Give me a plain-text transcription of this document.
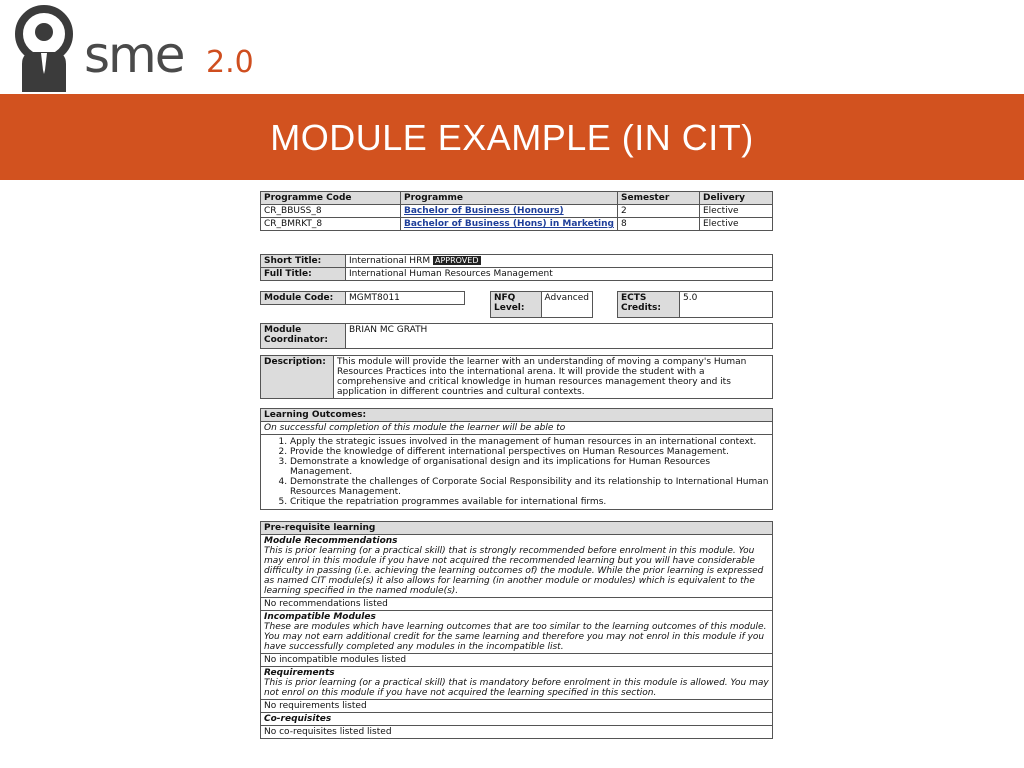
sme 2.0
MODULE EXAMPLE (IN CIT)
Programme Code	Programme	Semester	Delivery
CR_BBUSS_8	Bachelor of Business (Honours)	2	Elective
CR_BMRKT_8	Bachelor of Business (Hons) in Marketing	8	Elective
Short Title:	International HRM APPROVED
Full Title:	International Human Resources Management
Module Code:	MGMT8011	NFQ Level:	Advanced	ECTS Credits:	5.0
Module Coordinator:	BRIAN MC GRATH
Description:	This module will provide the learner with an understanding of moving a company's Human Resources Practices into the international arena. It will provide the student with a comprehensive and critical knowledge in human resources management theory and its application in different countries and cultural contexts.
Learning Outcomes:
On successful completion of this module the learner will be able to

1. Apply the strategic issues involved in the management of human resources in an international context.
2. Provide the knowledge of different international perspectives on Human Resources Management.
3. Demonstrate a knowledge of organisational design and its implications for Human Resources Management.
4. Demonstrate the challenges of Corporate Social Responsibility and its relationship to International Human Resources Management.
5. Critique the repatriation programmes available for international firms.
Pre-requisite learning

Module Recommendations
This is prior learning (or a practical skill) that is strongly recommended before enrolment in this module. You may enrol in this module if you have not acquired the recommended learning but you will have considerable difficulty in passing (i.e. achieving the learning outcomes of) the module. While the prior learning is expressed as named CIT module(s) it also allows for learning (in another module or modules) which is equivalent to the learning specified in the named module(s).

No recommendations listed

Incompatible Modules
These are modules which have learning outcomes that are too similar to the learning outcomes of this module. You may not earn additional credit for the same learning and therefore you may not enrol in this module if you have successfully completed any modules in the incompatible list.

No incompatible modules listed

Requirements
This is prior learning (or a practical skill) that is mandatory before enrolment in this module is allowed. You may not enrol on this module if you have not acquired the learning specified in this section.

No requirements listed
Co-requisites
No co-requisites listed listed
